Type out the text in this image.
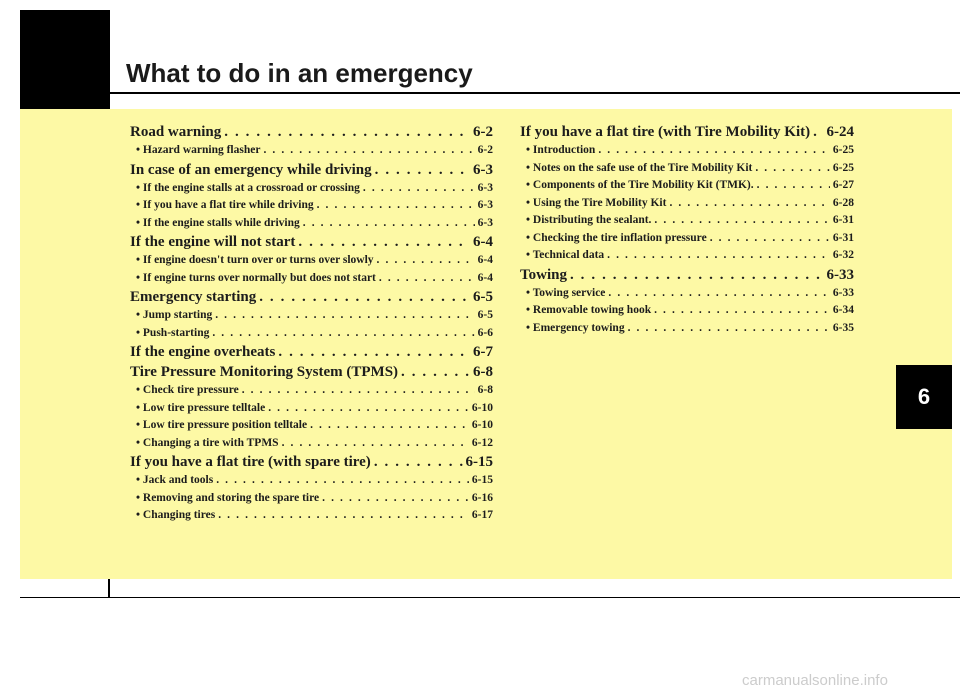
What to do in an emergency
6
Road warning . . .	6-2
• Hazard warning flasher . . .	6-2
In case of an emergency while driving . . .	6-3
• If the engine stalls at a crossroad or crossing . . .	6-3
• If you have a flat tire while driving . . .	6-3
• If the engine stalls while driving . . .	6-3
If the engine will not start . . .	6-4
• If engine doesn't turn over or turns over slowly . . .	6-4
• If engine turns over normally but does not start . . .	6-4
Emergency starting . . .	6-5
• Jump starting . . .	6-5
• Push-starting . . .	6-6
If the engine overheats . . .	6-7
Tire Pressure Monitoring System (TPMS) . . .	6-8
• Check tire pressure . . .	6-8
• Low tire pressure telltale . . .	6-10
• Low tire pressure position telltale . . .	6-10
• Changing a tire with TPMS . . .	6-12
If you have a flat tire (with spare tire) . . .	6-15
• Jack and tools . . .	6-15
• Removing and storing the spare tire . . .	6-16
• Changing tires . . .	6-17
If you have a flat tire (with Tire Mobility Kit) . . . 6-24
• Introduction . . .	6-25
• Notes on the safe use of the Tire Mobility Kit . . .	6-25
• Components of the Tire Mobility Kit (TMK). . . .	6-27
• Using the Tire Mobility Kit . . .	6-28
• Distributing the sealant. . . .	6-31
• Checking the tire inflation pressure . . .	6-31
• Technical data . . .	6-32
Towing . . .	6-33
• Towing service . . .	6-33
• Removable towing hook . . .	6-34
• Emergency towing . . .	6-35
carmanualsonline.info
